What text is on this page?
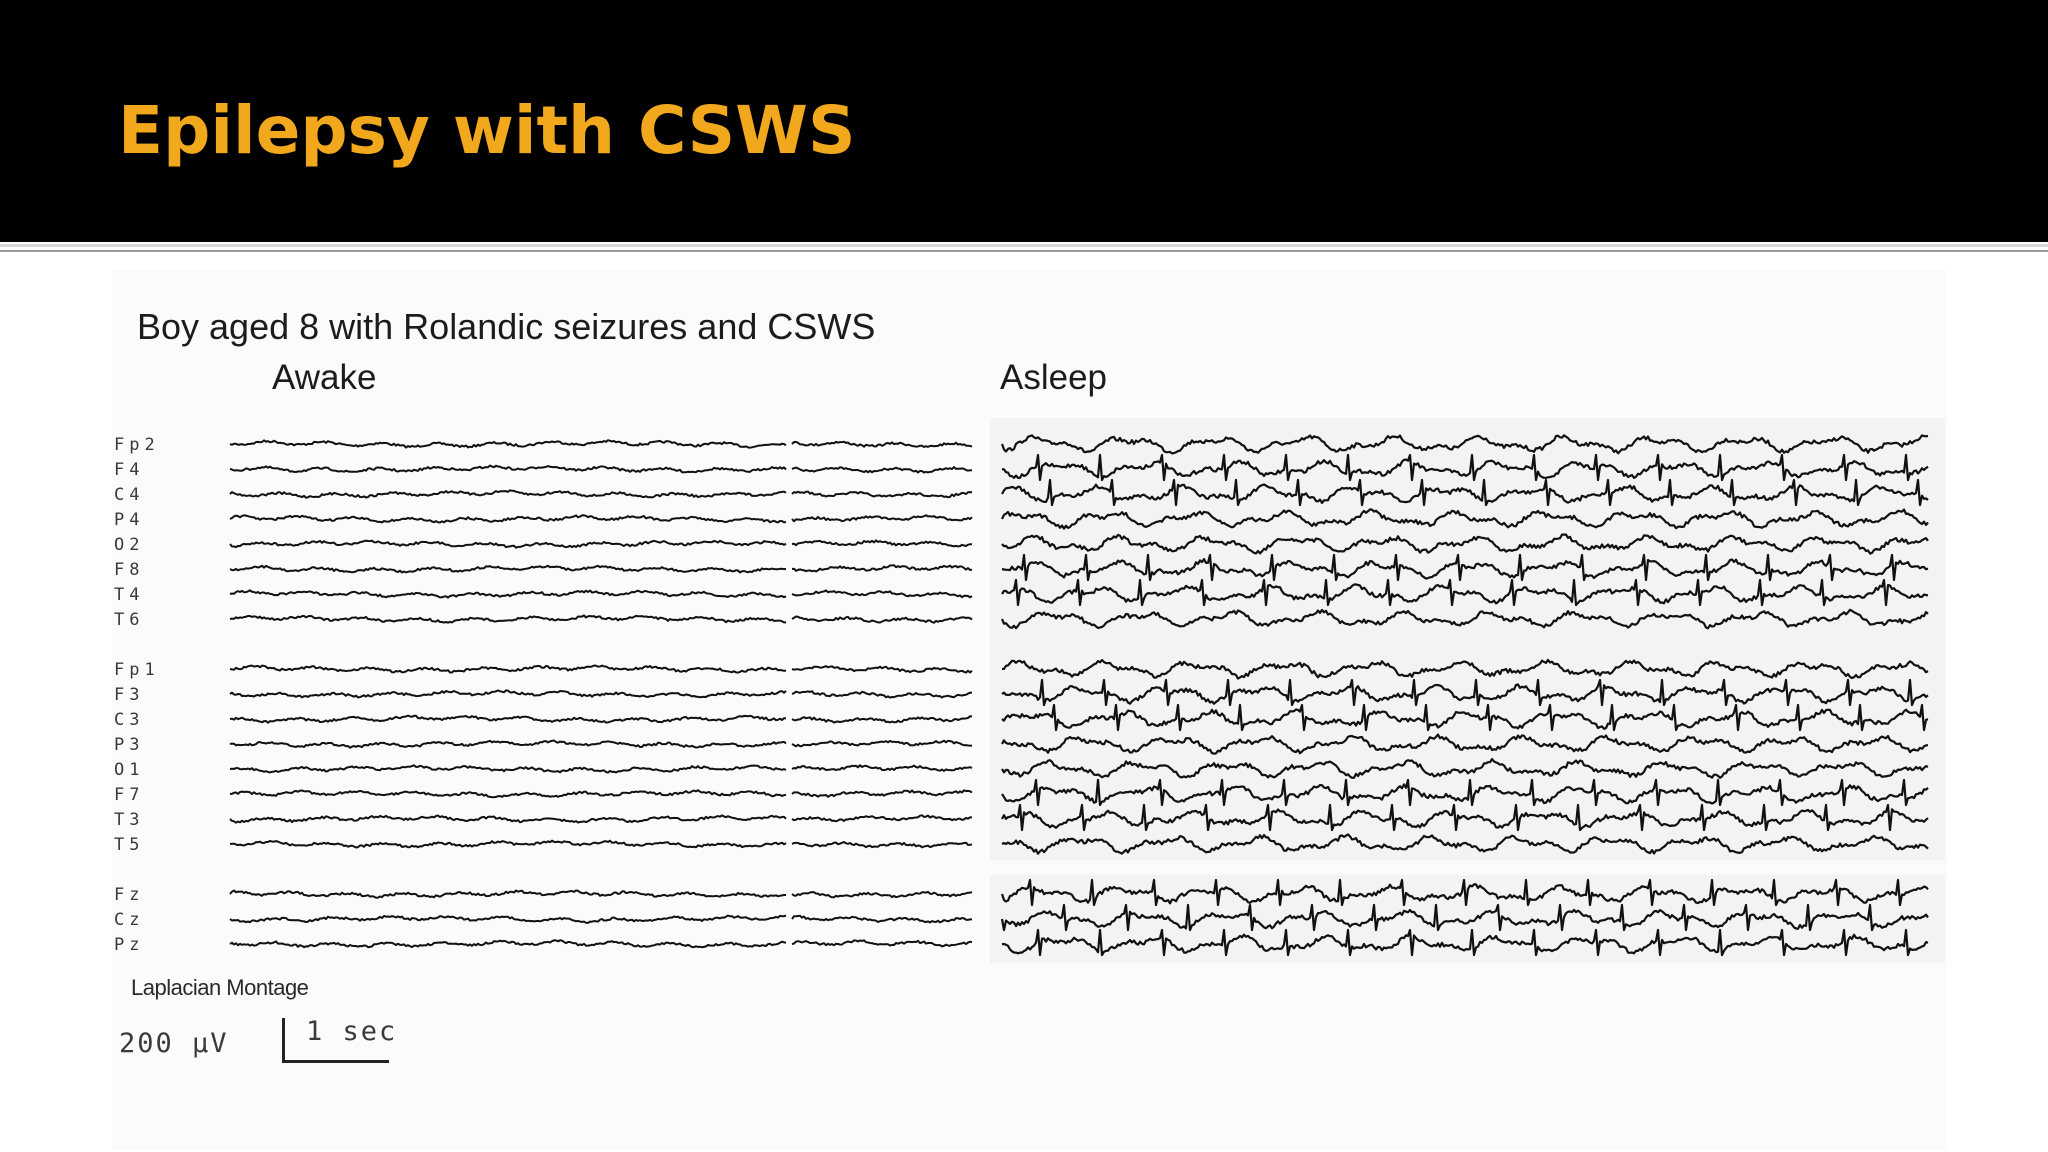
Epilepsy with CSWS
Boy aged 8 with Rolandic seizures and CSWS
Awake	Asleep
Fp2
F4
C4
P4
O2
F8
T4
T6
Fp1
F3
C3
P3
O1
F7
T3
T5
Fz
Cz
Pz
Laplacian Montage
200 µV	1 sec
